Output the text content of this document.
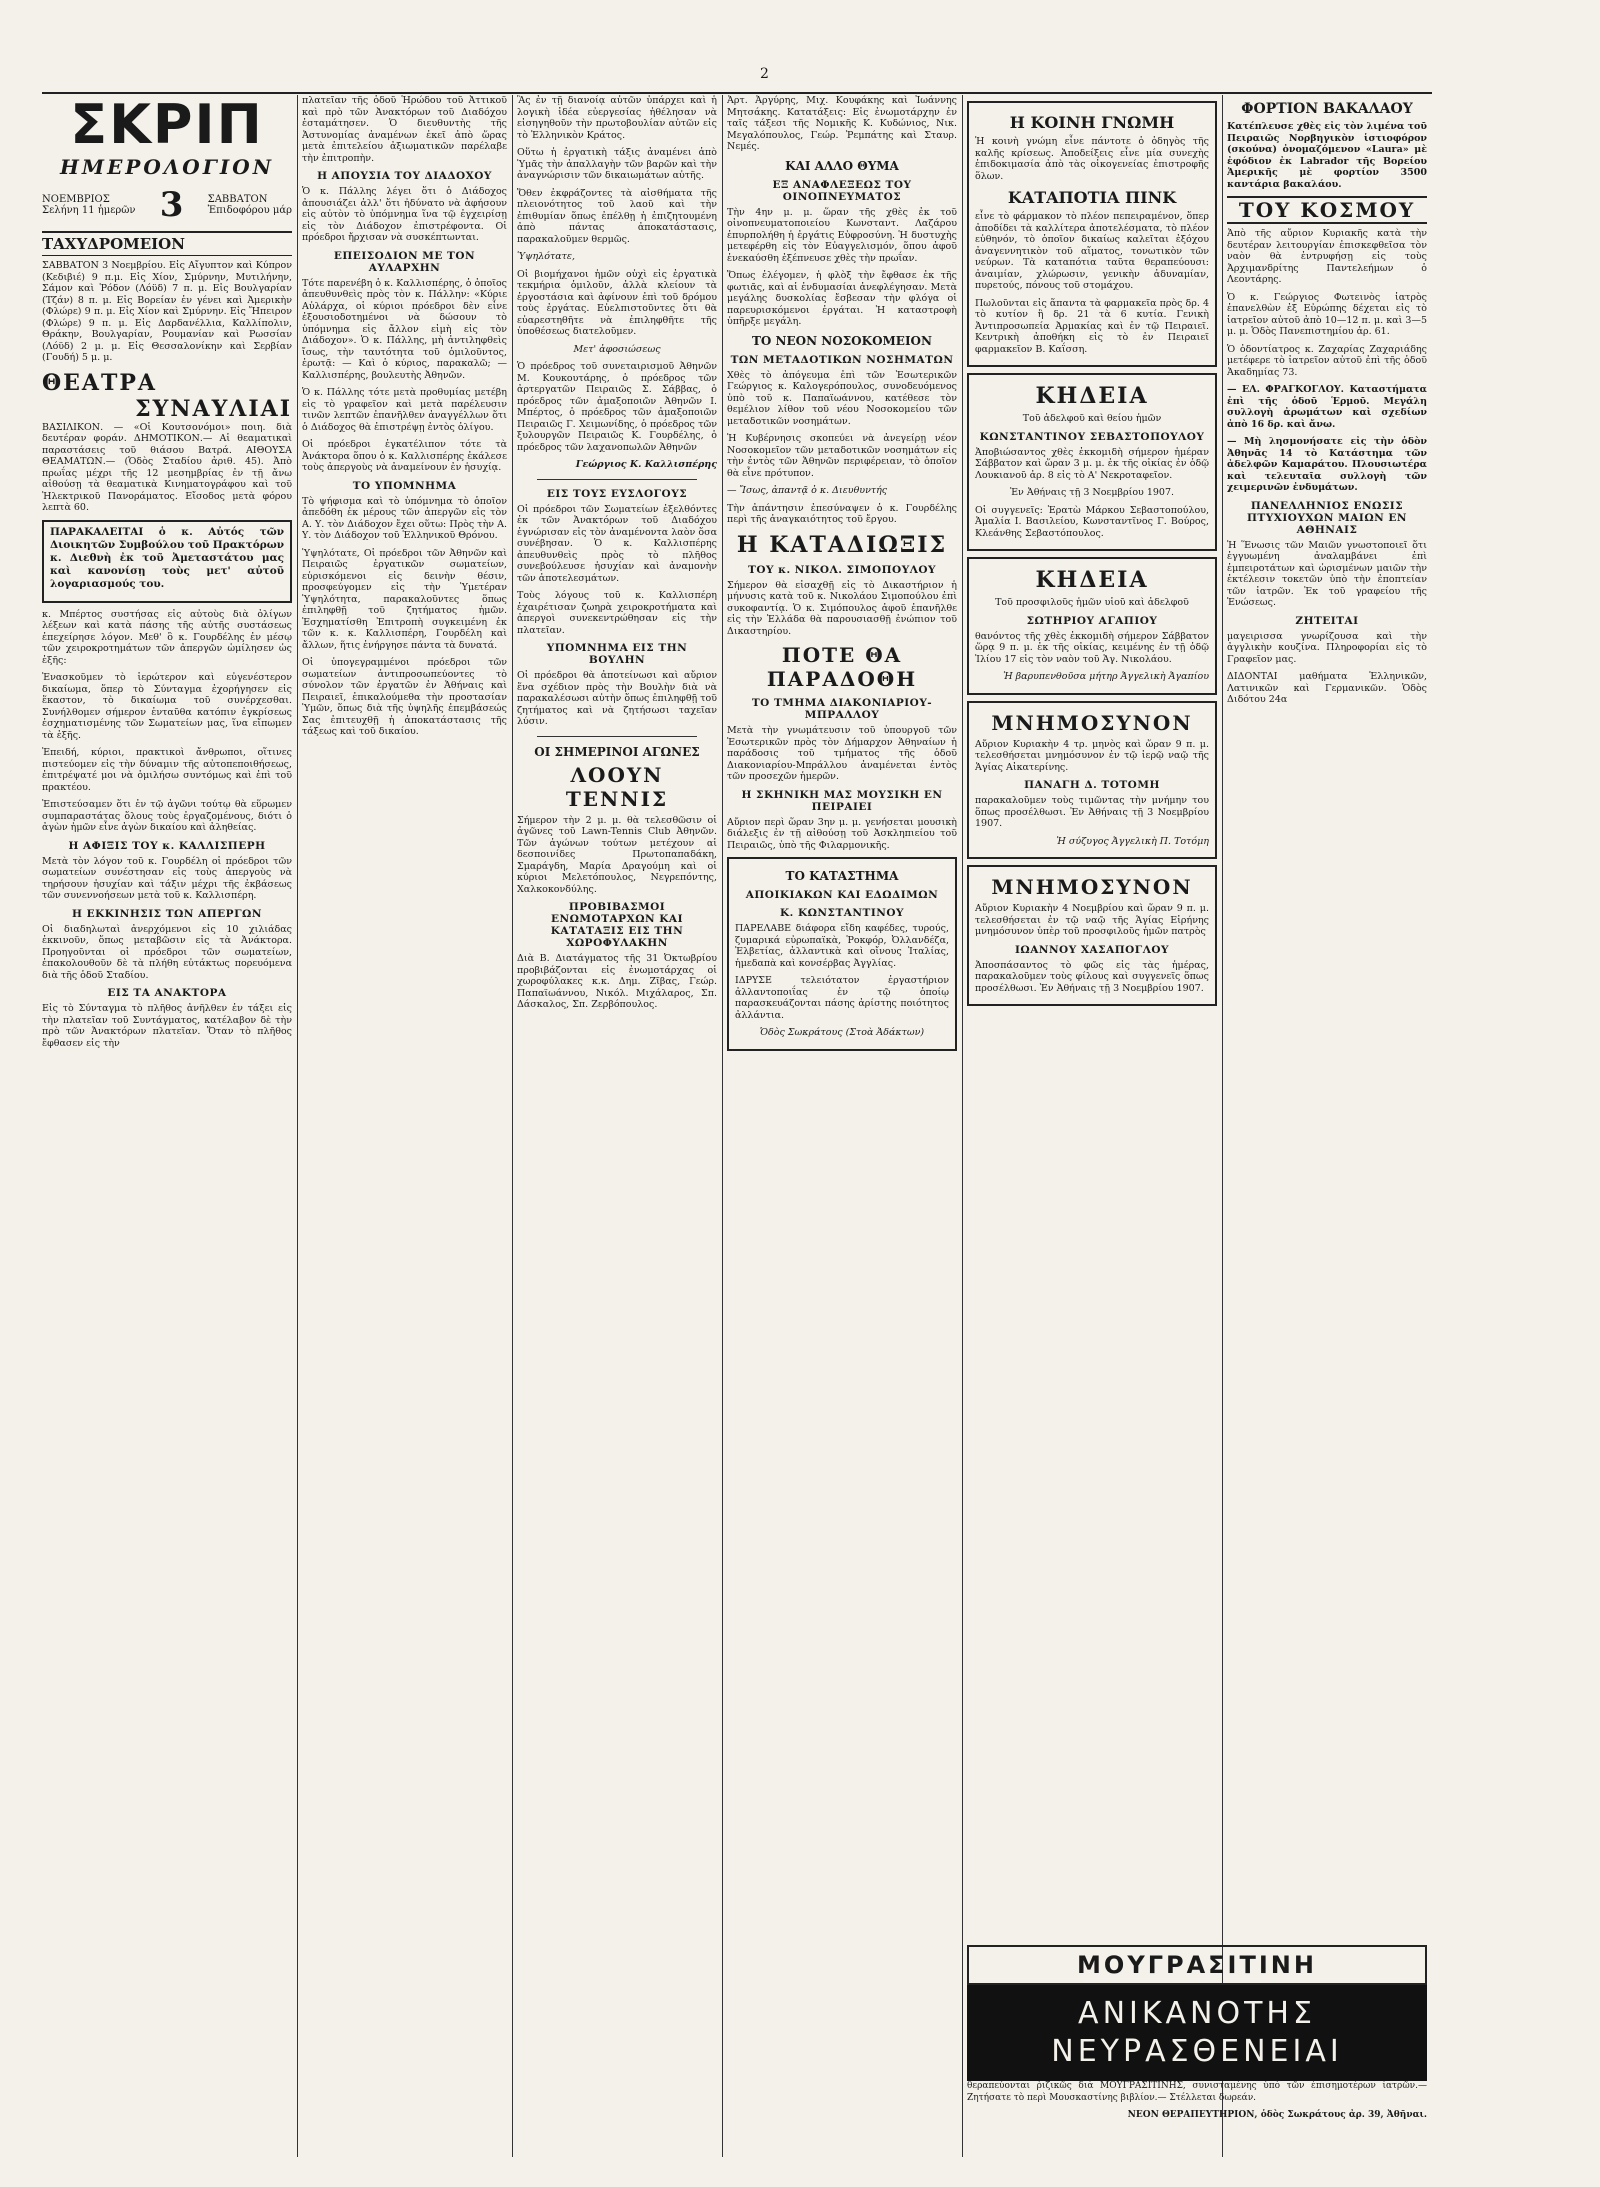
2
ΣΚΡΙΠ
ΗΜΕΡΟΛΟΓΙΟΝ
ΝΟΕΜΒΡΙΟΣ
Σελήνη 11 ἡμερῶν 3 ΣΑΒΒΑΤΟΝ
Ἐπιδοφόρου μάρ
ΤΑΧΥΔΡΟΜΕΙΟΝ

ΣΑΒΒΑΤΟΝ 3 Νοεμβρίου. Εἰς Αἴγυπτον καὶ Κύπρον (Κεδιβιέ) 9 π.μ. Εἰς Χίον, Σμύρνην, Μυτιλήνην, Σάμον καὶ Ῥόδον (Λόϋδ) 7 π. μ. Εἰς Βουλγαρίαν (Τζάν) 8 π. μ. Εἰς Βορείαν ἐν γένει καὶ Ἀμερικὴν (Φλώρε) 9 π. μ. Εἰς Χίον καὶ Σμύρνην. Εἰς Ἤπειρον (Φλώρε) 9 π. μ. Εἰς Δαρδανέλλια, Καλλίπολιν, Θράκην, Βουλγαρίαν, Ρουμανίαν καὶ Ρωσσίαν (Λόϋδ) 2 μ. μ. Εἰς Θεσσαλονίκην καὶ Σερβίαν (Γουδή) 5 μ. μ.

ΘΕΑΤΡΑ
ΣΥΝΑΥΛΙΑΙ

ΒΑΣΙΛΙΚΟΝ. — «Οἱ Κουτσονόμοι» ποιη. διὰ δευτέραν φοράν. ΔΗΜΟΤΙΚΟΝ.— Αἱ θεαματικαὶ παραστάσεις τοῦ θιάσου Βατρά. ΑΙΘΟΥΣΑ ΘΕΑΜΑΤΩΝ.— (Ὁδὸς Σταδίου ἀριθ. 45). Ἀπὸ πρωΐας μέχρι τῆς 12 μεσημβρίας ἐν τῇ ἄνω αἰθούσῃ τὰ θεαματικὰ Κινηματογράφου καὶ τοῦ Ἠλεκτρικοῦ Πανοράματος. Εἴσοδος μετὰ φόρου λεπτὰ 60.

ΠΑΡΑΚΑΛΕΙΤΑΙ ὁ κ. Αὐτός τῶν Διοικητῶν Συμβούλου τοῦ Πρακτόρων κ. Διεθνὴ ἐκ τοῦ Ἀμεταστάτου μας καὶ κανονίσῃ τοὺς μετ' αὐτοῦ λογαριασμούς του.

κ. Μπέρτος συστήσας εἰς αὐτοὺς διὰ ὀλίγων λέξεων καὶ κατὰ πάσης τῆς αὐτῆς συστάσεως ἐπεχείρησε λόγον. Μεθ' ὃ κ. Γουρδέλης ἐν μέσῳ τῶν χειροκροτημάτων τῶν ἀπεργῶν ὡμίλησεν ὡς ἑξῆς:

Ἐνασκοῦμεν τὸ ἱερώτερον καὶ εὐγενέστερον δικαίωμα, ὅπερ τὸ Σύνταγμα ἐχορήγησεν εἰς ἕκαστον, τὸ δικαίωμα τοῦ συνέρχεσθαι. Συνήλθομεν σήμερον ἐνταῦθα κατόπιν ἐγκρίσεως ἐσχηματισμένης τῶν Σωματείων μας, ἵνα εἴπωμεν τὰ ἑξῆς.

Ἐπειδή, κύριοι, πρακτικοὶ ἄνθρωποι, οἵτινες πιστεύομεν εἰς τὴν δύναμιν τῆς αὐτοπεποιθήσεως, ἐπιτρέψατέ μοι νὰ ὁμιλήσω συντόμως καὶ ἐπὶ τοῦ πρακτέου.

Ἐπιστεύσαμεν ὅτι ἐν τῷ ἀγῶνι τούτῳ θὰ εὕρωμεν συμπαραστάτας ὅλους τοὺς ἐργαζομένους, διότι ὁ ἀγὼν ἡμῶν εἶνε ἀγὼν δικαίου καὶ ἀληθείας.

Η ΑΦΙΞΙΣ ΤΟΥ κ. ΚΑΛΛΙΣΠΕΡΗ

Μετὰ τὸν λόγον τοῦ κ. Γουρδέλη οἱ πρόεδροι τῶν σωματείων συνέστησαν εἰς τοὺς ἀπεργοὺς νὰ τηρήσουν ἡσυχίαν καὶ τάξιν μέχρι τῆς ἐκβάσεως τῶν συνεννοήσεων μετὰ τοῦ κ. Καλλισπέρη.

Η ΕΚΚΙΝΗΣΙΣ ΤΩΝ ΑΠΕΡΓΩΝ

Οἱ διαδηλωταὶ ἀνερχόμενοι εἰς 10 χιλιάδας ἐκκινοῦν, ὅπως μεταβῶσιν εἰς τὰ Ἀνάκτορα. Προηγοῦνται οἱ πρόεδροι τῶν σωματείων, ἐπακολουθοῦν δὲ τὰ πλήθη εὐτάκτως πορευόμενα διὰ τῆς ὁδοῦ Σταδίου.

ΕΙΣ ΤΑ ΑΝΑΚΤΟΡΑ

Εἰς τὸ Σύνταγμα τὸ πλῆθος ἀνῆλθεν ἐν τάξει εἰς τὴν πλατεῖαν τοῦ Συντάγματος, κατέλαβον δὲ τὴν πρὸ τῶν Ἀνακτόρων πλατεῖαν. Ὅταν τὸ πλῆθος ἔφθασεν εἰς τὴν

πλατεῖαν τῆς ὁδοῦ Ἡρώδου τοῦ Ἀττικοῦ καὶ πρὸ τῶν Ἀνακτόρων τοῦ Διαδόχου ἐσταμάτησεν. Ὁ διευθυντὴς τῆς Ἀστυνομίας ἀναμένων ἐκεῖ ἀπὸ ὥρας μετὰ ἐπιτελείου ἀξιωματικῶν παρέλαβε τὴν ἐπιτροπὴν.

Η ΑΠΟΥΣΙΑ ΤΟΥ ΔΙΑΔΟΧΟΥ

Ὁ κ. Πάλλης λέγει ὅτι ὁ Διάδοχος ἀπουσιάζει ἀλλ' ὅτι ἠδύνατο νὰ ἀφήσουν εἰς αὐτὸν τὸ ὑπόμνημα ἵνα τῷ ἐγχειρίσῃ εἰς τὸν Διάδοχον ἐπιστρέφοντα. Οἱ πρόεδροι ἤρχισαν νὰ συσκέπτωνται.

ΕΠΕΙΣΟΔΙΟΝ ΜΕ ΤΟΝ ΑΥΛΑΡΧΗΝ

Τότε παρενέβη ὁ κ. Καλλισπέρης, ὁ ὁποῖος ἀπευθυνθεὶς πρὸς τὸν κ. Πάλλην: «Κύριε Αὐλάρχα, οἱ κύριοι πρόεδροι δὲν εἶνε ἐξουσιοδοτημένοι νὰ δώσουν τὸ ὑπόμνημα εἰς ἄλλον εἰμὴ εἰς τὸν Διάδοχον». Ὁ κ. Πάλλης, μὴ ἀντιληφθεὶς ἴσως, τὴν ταυτότητα τοῦ ὁμιλοῦντος, ἐρωτᾷ: — Καὶ ὁ κύριος, παρακαλῶ; — Καλλισπέρης, βουλευτὴς Ἀθηνῶν.

Ὁ κ. Πάλλης τότε μετὰ προθυμίας μετέβη εἰς τὸ γραφεῖον καὶ μετὰ παρέλευσιν τινῶν λεπτῶν ἐπανῆλθεν ἀναγγέλλων ὅτι ὁ Διάδοχος θὰ ἐπιστρέψῃ ἐντὸς ὀλίγου.

Οἱ πρόεδροι ἐγκατέλιπον τότε τὰ Ἀνάκτορα ὅπου ὁ κ. Καλλισπέρης ἐκάλεσε τοὺς ἀπεργοὺς νὰ ἀναμείνουν ἐν ἡσυχίᾳ.

ΤΟ ΥΠΟΜΝΗΜΑ

Τὸ ψήφισμα καὶ τὸ ὑπόμνημα τὸ ὁποῖον ἀπεδόθη ἐκ μέρους τῶν ἀπεργῶν εἰς τὸν Α. Υ. τὸν Διάδοχον ἔχει οὕτω: Πρὸς τὴν Α. Υ. τὸν Διάδοχον τοῦ Ἑλληνικοῦ Θρόνου.

Ὑψηλότατε, Οἱ πρόεδροι τῶν Ἀθηνῶν καὶ Πειραιῶς ἐργατικῶν σωματείων, εὑρισκόμενοι εἰς δεινὴν θέσιν, προσφεύγομεν εἰς τὴν Ὑμετέραν Ὑψηλότητα, παρακαλοῦντες ὅπως ἐπιληφθῇ τοῦ ζητήματος ἡμῶν. Ἐσχηματίσθη Ἐπιτροπὴ συγκειμένη ἐκ τῶν κ. κ. Καλλισπέρη, Γουρδέλη καὶ ἄλλων, ἥτις ἐνήργησε πάντα τὰ δυνατά.

Οἱ ὑπογεγραμμένοι πρόεδροι τῶν σωματείων ἀντιπροσωπεύοντες τὸ σύνολον τῶν ἐργατῶν ἐν Ἀθήναις καὶ Πειραιεῖ, ἐπικαλούμεθα τὴν προστασίαν Ὑμῶν, ὅπως διὰ τῆς ὑψηλῆς ἐπεμβάσεώς Σας ἐπιτευχθῇ ἡ ἀποκατάστασις τῆς τάξεως καὶ τοῦ δικαίου.

Ἂς ἐν τῇ διανοίᾳ αὐτῶν ὑπάρχει καὶ ἡ λογικὴ ἰδέα εὐεργεσίας ἠθέλησαν νὰ εἰσηγηθοῦν τὴν πρωτοβουλίαν αὐτῶν εἰς τὸ Ἑλληνικὸν Κράτος.

Οὕτω ἡ ἐργατικὴ τάξις ἀναμένει ἀπὸ Ὑμᾶς τὴν ἀπαλλαγὴν τῶν βαρῶν καὶ τὴν ἀναγνώρισιν τῶν δικαιωμάτων αὐτῆς.

Ὅθεν ἐκφράζοντες τὰ αἰσθήματα τῆς πλειονότητος τοῦ λαοῦ καὶ τὴν ἐπιθυμίαν ὅπως ἐπέλθῃ ἡ ἐπιζητουμένη ἀπὸ πάντας ἀποκατάστασις, παρακαλοῦμεν θερμῶς.

Ὑψηλότατε,

Οἱ βιομήχανοι ἡμῶν οὐχὶ εἰς ἐργατικὰ τεκμήρια ὁμιλοῦν, ἀλλὰ κλείουν τὰ ἐργοστάσια καὶ ἀφίνουν ἐπὶ τοῦ δρόμου τοὺς ἐργάτας. Εὐελπιστοῦντες ὅτι θὰ εὐαρεστηθῆτε νὰ ἐπιληφθῆτε τῆς ὑποθέσεως διατελοῦμεν.

Μετ' ἀφοσιώσεως

Ὁ πρόεδρος τοῦ συνεταιρισμοῦ Ἀθηνῶν Μ. Κουκουτάρης, ὁ πρόεδρος τῶν ἀρτεργατῶν Πειραιῶς Σ. Σάββας, ὁ πρόεδρος τῶν ἀμαξοποιῶν Ἀθηνῶν Ι. Μπέρτος, ὁ πρόεδρος τῶν ἀμαξοποιῶν Πειραιῶς Γ. Χειμωνίδης, ὁ πρόεδρος τῶν ξυλουργῶν Πειραιῶς Κ. Γουρδέλης, ὁ πρόεδρος τῶν λαχανοπωλῶν Ἀθηνῶν

Γεώργιος Κ. Καλλισπέρης

ΕΙΣ ΤΟΥΣ ΕΥΣΛΟΓΟΥΣ

Οἱ πρόεδροι τῶν Σωματείων ἐξελθόντες ἐκ τῶν Ἀνακτόρων τοῦ Διαδόχου ἐγνώρισαν εἰς τὸν ἀναμένοντα λαὸν ὅσα συνέβησαν. Ὁ κ. Καλλισπέρης ἀπευθυνθεὶς πρὸς τὸ πλῆθος συνεβούλευσε ἡσυχίαν καὶ ἀναμονὴν τῶν ἀποτελεσμάτων.

Τοὺς λόγους τοῦ κ. Καλλισπέρη ἐχαιρέτισαν ζωηρὰ χειροκροτήματα καὶ ἀπεργοὶ συνεκεντρώθησαν εἰς τὴν πλατεῖαν.

ΥΠΟΜΝΗΜΑ ΕΙΣ ΤΗΝ ΒΟΥΛΗΝ

Οἱ πρόεδροι θὰ ἀποτείνωσι καὶ αὔριον ἕνα σχέδιον πρὸς τὴν Βουλὴν διὰ νὰ παρακαλέσωσι αὐτὴν ὅπως ἐπιληφθῇ τοῦ ζητήματος καὶ νὰ ζητήσωσι ταχεῖαν λύσιν.

ΟΙ ΣΗΜΕΡΙΝΟΙ ΑΓΩΝΕΣ
ΛΟΟΥΝ ΤΕΝΝΙΣ

Σήμερον τὴν 2 μ. μ. θὰ τελεσθῶσιν οἱ ἀγῶνες τοῦ Lawn-Tennis Club Ἀθηνῶν. Τῶν ἀγώνων τούτων μετέχουν αἱ δεσποινίδες Πρωτοπαπαδάκη, Σμαράγδη, Μαρία Δραγούμη καὶ οἱ κύριοι Μελετόπουλος, Νεγρεπόντης, Χαλκοκονδύλης.

ΠΡΟΒΙΒΑΣΜΟΙ ΕΝΩΜΟΤΑΡΧΩΝ ΚΑΙ ΚΑΤΑΤΑΞΙΣ ΕΙΣ ΤΗΝ ΧΩΡΟΦΥΛΑΚΗΝ

Διὰ Β. Διατάγματος τῆς 31 Ὀκτωβρίου προβιβάζονται εἰς ἐνωμοτάρχας οἱ χωροφύλακες κ.κ. Δημ. Ζῖβας, Γεώρ. Παπαϊωάννου, Νικόλ. Μιχάλαρος, Σπ. Δάσκαλος, Σπ. Ζερβόπουλος.

Ἀρτ. Ἀργύρης, Μιχ. Κουφάκης καὶ Ἰωάννης Μητσάκης. Κατατάξεις: Εἰς ἐνωμοτάρχην ἐν ταῖς τάξεσι τῆς Νομικῆς Κ. Κυδώνιος, Νικ. Μεγαλόπουλος, Γεώρ. Ῥεμπάτης καὶ Σταυρ. Νεμές.

ΚΑΙ ΑΛΛΟ ΘΥΜΑ
ΕΞ ΑΝΑΦΛΕΞΕΩΣ ΤΟΥ ΟΙΝΟΠΝΕΥΜΑΤΟΣ

Τὴν 4ην μ. μ. ὥραν τῆς χθὲς ἐκ τοῦ οἰνοπνευματοποιείου Κωνσταντ. Λαζάρου ἐπυρπολήθη ἡ ἐργάτις Εὐφροσύνη. Ἡ δυστυχὴς μετεφέρθη εἰς τὸν Εὐαγγελισμόν, ὅπου ἀφοῦ ἐνεκαύσθη ἐξέπνευσε χθὲς τὴν πρωΐαν.

Ὅπως ἐλέγομεν, ἡ φλὸξ τὴν ἔφθασε ἐκ τῆς φωτιᾶς, καὶ αἱ ἐνδυμασίαι ἀνεφλέγησαν. Μετὰ μεγάλης δυσκολίας ἔσβεσαν τὴν φλόγα οἱ παρευρισκόμενοι ἐργάται. Ἡ καταστροφὴ ὑπῆρξε μεγάλη.

ΤΟ ΝΕΟΝ ΝΟΣΟΚΟΜΕΙΟΝ
ΤΩΝ ΜΕΤΑΔΟΤΙΚΩΝ ΝΟΣΗΜΑΤΩΝ

Χθὲς τὸ ἀπόγευμα ἐπὶ τῶν Ἐσωτερικῶν Γεώργιος κ. Καλογερόπουλος, συνοδευόμενος ὑπὸ τοῦ κ. Παπαϊωάννου, κατέθεσε τὸν θεμέλιον λίθον τοῦ νέου Νοσοκομείου τῶν μεταδοτικῶν νοσημάτων.

Ἡ Κυβέρνησις σκοπεύει νὰ ἀνεγείρῃ νέον Νοσοκομεῖον τῶν μεταδοτικῶν νοσημάτων εἰς τὴν ἐντὸς τῶν Ἀθηνῶν περιφέρειαν, τὸ ὁποῖον θὰ εἶνε πρότυπον.

— Ἴσως, ἀπαντᾷ ὁ κ. Διευθυντής

Τὴν ἀπάντησιν ἐπεσύναψεν ὁ κ. Γουρδέλης περὶ τῆς ἀναγκαιότητος τοῦ ἔργου.

Η ΚΑΤΑΔΙΩΞΙΣ
ΤΟΥ κ. ΝΙΚΟΛ. ΣΙΜΟΠΟΥΛΟΥ

Σήμερον θὰ εἰσαχθῇ εἰς τὸ Δικαστήριον ἡ μήνυσις κατὰ τοῦ κ. Νικολάου Σιμοπούλου ἐπὶ συκοφαντίᾳ. Ὁ κ. Σιμόπουλος ἀφοῦ ἐπανῆλθε εἰς τὴν Ἑλλάδα θὰ παρουσιασθῇ ἐνώπιον τοῦ Δικαστηρίου.

ΠΟΤΕ ΘΑ ΠΑΡΑΔΟΘΗ
ΤΟ ΤΜΗΜΑ ΔΙΑΚΟΝΙΑΡΙΟΥ-ΜΠΡΑΛΛΟΥ

Μετὰ τὴν γνωμάτευσιν τοῦ ὑπουργοῦ τῶν Ἐσωτερικῶν πρὸς τὸν Δήμαρχον Ἀθηναίων ἡ παράδοσις τοῦ τμήματος τῆς ὁδοῦ Διακονιαρίου-Μπράλλου ἀναμένεται ἐντὸς τῶν προσεχῶν ἡμερῶν.

Η ΣΚΗΝΙΚΗ ΜΑΣ ΜΟΥΣΙΚΗ ΕΝ ΠΕΙΡΑΙΕΙ

Αὔριον περὶ ὥραν 3ην μ. μ. γενήσεται μουσικὴ διάλεξις ἐν τῇ αἰθούσῃ τοῦ Ἀσκληπιείου τοῦ Πειραιῶς, ὑπὸ τῆς Φιλαρμονικῆς.

ΤΟ ΚΑΤΑΣΤΗΜΑ
ΑΠΟΙΚΙΑΚΩΝ ΚΑΙ ΕΔΩΔΙΜΩΝ
Κ. ΚΩΝΣΤΑΝΤΙΝΟΥ

ΠΑΡΕΛΑΒΕ διάφορα εἴδη καφέδες, τυρούς, ζυμαρικά εὐρωπαϊκὰ, Ῥοκφόρ, Ὀλλανδέζα, Ἐλβετίας, ἀλλαντικὰ καὶ οἴνους Ἰταλίας, ἡμεδαπὰ καὶ κονσέρβας Ἀγγλίας.

ΙΔΡΥΣΕ τελειότατον ἐργαστήριον ἀλλαντοποιΐας ἐν τῷ ὁποίῳ παρασκευάζονται πάσης ἀρίστης ποιότητος ἀλλάντια.

Ὁδὸς Σωκράτους (Στοὰ Ἀδάκτων)

Η ΚΟΙΝΗ ΓΝΩΜΗ

Ἡ κοινὴ γνώμη εἶνε πάντοτε ὁ ὁδηγὸς τῆς καλῆς κρίσεως. Ἀποδείξεις εἶνε μία συνεχὴς ἐπιδοκιμασία ἀπὸ τὰς οἰκογενείας ἐπιστροφῆς ὅλων.

ΚΑΤΑΠΟΤΙΑ ΠΙΝΚ

εἶνε τὸ φάρμακον τὸ πλέον πεπειραμένον, ὅπερ ἀποδίδει τὰ καλλίτερα ἀποτελέσματα, τὸ πλέον εὐθηνόν, τὸ ὁποῖον δικαίως καλεῖται ἐξόχου ἀναγεννητικὸν τοῦ αἵματος, τονωτικὸν τῶν νεύρων. Τὰ καταπότια ταῦτα θεραπεύουσι: ἀναιμίαν, χλώρωσιν, γενικὴν ἀδυναμίαν, πυρετούς, πόνους τοῦ στομάχου.

Πωλοῦνται εἰς ἅπαντα τὰ φαρμακεῖα πρὸς δρ. 4 τὸ κυτίον ἢ δρ. 21 τὰ 6 κυτία. Γενικὴ Ἀντιπροσωπεία Ἀρμακίας καὶ ἐν τῷ Πειραιεῖ. Κεντρικὴ ἀποθήκη εἰς τὸ ἐν Πειραιεῖ φαρμακεῖον Β. Καΐσση.

ΚΗΔΕΙΑ

Τοῦ ἀδελφοῦ καὶ θείου ἡμῶν

ΚΩΝΣΤΑΝΤΙΝΟΥ ΣΕΒΑΣΤΟΠΟΥΛΟΥ

Ἀποβιώσαντος χθὲς ἐκκομιδὴ σήμερον ἡμέραν Σάββατον καὶ ὥραν 3 μ. μ. ἐκ τῆς οἰκίας ἐν ὁδῷ Λουκιανοῦ ἀρ. 8 εἰς τὸ Α' Νεκροταφεῖον.

Ἐν Ἀθήναις τῇ 3 Νοεμβρίου 1907.

Οἱ συγγενεῖς: Ἑρατὼ Μάρκου Σεβαστοπούλου, Ἀμαλία Ι. Βασιλείου, Κωνσταντῖνος Γ. Βούρος, Κλεάνθης Σεβαστόπουλος.

ΚΗΔΕΙΑ

Τοῦ προσφιλοῦς ἡμῶν υἱοῦ καὶ ἀδελφοῦ

ΣΩΤΗΡΙΟΥ ΑΓΑΠΙΟΥ

θανόντος τῆς χθὲς ἐκκομιδὴ σήμερον Σάββατον ὥρᾳ 9 π. μ. ἐκ τῆς οἰκίας, κειμένης ἐν τῇ ὁδῷ Ἰλίου 17 εἰς τὸν ναὸν τοῦ Ἁγ. Νικολάου.

Ἡ βαρυπενθοῦσα μήτηρ Ἀγγελικὴ Ἀγαπίου

ΜΝΗΜΟΣΥΝΟΝ

Αὔριον Κυριακὴν 4 τρ. μηνὸς καὶ ὥραν 9 π. μ. τελεσθήσεται μνημόσυνον ἐν τῷ ἱερῷ ναῷ τῆς Ἁγίας Αἰκατερίνης.

ΠΑΝΑΓΗ Δ. ΤΟΤΟΜΗ

παρακαλοῦμεν τοὺς τιμῶντας τὴν μνήμην του ὅπως προσέλθωσι. Ἐν Ἀθήναις τῇ 3 Νοεμβρίου 1907.

Ἡ σύζυγος Ἀγγελικὴ Π. Τοτόμη

ΜΝΗΜΟΣΥΝΟΝ

Αὔριον Κυριακὴν 4 Νοεμβρίου καὶ ὥραν 9 π. μ. τελεσθήσεται ἐν τῷ ναῷ τῆς Ἁγίας Εἰρήνης μνημόσυνον ὑπὲρ τοῦ προσφιλοῦς ἡμῶν πατρὸς

ΙΩΑΝΝΟΥ ΧΑΣΑΠΟΓΛΟΥ

Ἀποσπάσαντος τὸ φῶς εἰς τὰς ἡμέρας, παρακαλοῦμεν τοὺς φίλους καὶ συγγενεῖς ὅπως προσέλθωσι. Ἐν Ἀθήναις τῇ 3 Νοεμβρίου 1907.

ΦΟΡΤΙΟΝ ΒΑΚΑΛΑΟΥ

Κατέπλευσε χθὲς εἰς τὸν λιμένα τοῦ Πειραιῶς Νορβηγικὸν ἱστιοφόρον (σκούνα) ὀνομαζόμενον «Laura» μὲ ἐφόδιον ἐκ Labrador τῆς Βορείου Ἀμερικῆς μὲ φορτίον 3500 καντάρια βακαλάου.

ΤΟΥ ΚΟΣΜΟΥ

Ἀπὸ τῆς αὔριον Κυριακῆς κατὰ τὴν δευτέραν λειτουργίαν ἐπισκεφθεῖσα τὸν ναὸν θὰ ἐντρυφήσῃ εἰς τοὺς Ἀρχιμανδρίτης Παντελεήμων ὁ Λεοντάρης.

Ὁ κ. Γεώργιος Φωτεινὸς ἰατρὸς ἐπανελθὼν ἐξ Εὐρώπης δέχεται εἰς τὸ ἰατρεῖον αὐτοῦ ἀπὸ 10—12 π. μ. καὶ 3—5 μ. μ. Ὁδὸς Πανεπιστημίου ἀρ. 61.

Ὁ ὀδοντίατρος κ. Ζαχαρίας Ζαχαριάδης μετέφερε τὸ ἰατρεῖον αὐτοῦ ἐπὶ τῆς ὁδοῦ Ἀκαδημίας 73.

— ΕΛ. ΦΡΑΓΚΟΓΛΟΥ. Καταστήματα ἐπὶ τῆς ὁδοῦ Ἑρμοῦ. Μεγάλη συλλογὴ ἀρωμάτων καὶ σχεδίων ἀπὸ 16 δρ. καὶ ἄνω.

— Μὴ λησμονήσατε εἰς τὴν ὁδὸν Ἀθηνᾶς 14 τὸ Κατάστημα τῶν ἀδελφῶν Καμαράτου. Πλουσιωτέρα καὶ τελευταῖα συλλογὴ τῶν χειμερινῶν ἐνδυμάτων.

ΠΑΝΕΛΛΗΝΙΟΣ ΕΝΩΣΙΣ ΠΤΥΧΙΟΥΧΩΝ ΜΑΙΩΝ ΕΝ ΑΘΗΝΑΙΣ

Ἡ Ἕνωσις τῶν Μαιῶν γνωστοποιεῖ ὅτι ἐγγυωμένη ἀναλαμβάνει ἐπὶ ἐμπειροτάτων καὶ ὡρισμένων μαιῶν τὴν ἐκτέλεσιν τοκετῶν ὑπὸ τὴν ἐποπτείαν τῶν ἰατρῶν. Ἐκ τοῦ γραφείου τῆς Ἑνώσεως.

ΖΗΤΕΙΤΑΙ

μαγειρισσα γνωρίζουσα καὶ τὴν ἀγγλικὴν κουζίνα. Πληροφορίαι εἰς τὸ Γραφεῖον μας.

ΔΙΔΟΝΤΑΙ μαθήματα Ἑλληνικῶν, Λατινικῶν καὶ Γερμανικῶν. Ὁδὸς Διδότου 24α

ΜΟΥΓΡΑΣΙΤΙΝΗ
ΑΝΙΚΑΝΟΤΗΣ
ΝΕΥΡΑΣΘΕΝΕΙΑΙ

θεραπεύονται ῥιζικῶς διὰ ΜΟΥΓΡΑΣΙΤΙΝΗΣ, συνισταμένης ὑπὸ τῶν ἐπισημοτέρων ἰατρῶν.— Ζητήσατε τὸ περὶ Μουσκαστίνης βιβλίον.— Στέλλεται δωρεάν.

ΝΕΟΝ ΘΕΡΑΠΕΥΤΗΡΙΟΝ, ὁδὸς Σωκράτους ἀρ. 39, Ἀθῆναι.
